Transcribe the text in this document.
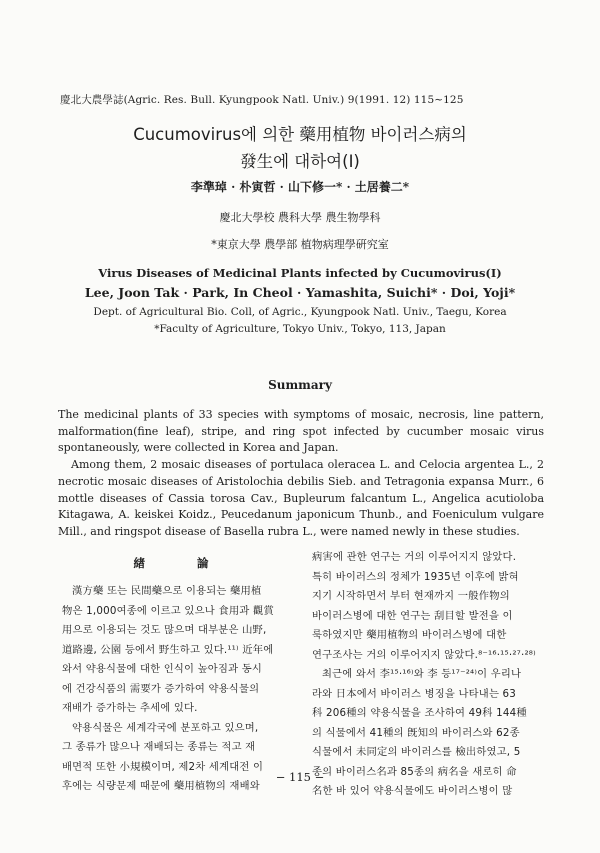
慶北大農學誌(Agric. Res. Bull. Kyungpook Natl. Univ.) 9(1991. 12) 115∼125
Cucumovirus에 의한 藥用植物 바이러스病의
發生에 대하여(I)
李準琸 · 朴寅哲 · 山下修一* · 土居養二*
慶北大學校 農科大學 農生物學科
*東京大學 農學部 植物病理學硏究室
Virus Diseases of Medicinal Plants infected by Cucumovirus(I)
Lee, Joon Tak · Park, In Cheol · Yamashita, Suichi* · Doi, Yoji*
Dept. of Agricultural Bio. Coll, of Agric., Kyungpook Natl. Univ., Taegu, Korea
*Faculty of Agriculture, Tokyo Univ., Tokyo, 113, Japan
Summary

The medicinal plants of 33 species with symptoms of mosaic, necrosis, line pattern, malformation(fine leaf), stripe, and ring spot infected by cucumber mosaic virus spontaneously, were collected in Korea and Japan.

Among them, 2 mosaic diseases of portulaca oleracea L. and Celocia argentea L., 2 necrotic mosaic diseases of Aristolochia debilis Sieb. and Tetragonia expansa Murr., 6 mottle diseases of Cassia torosa Cav., Bupleurum falcantum L., Angelica acutioloba Kitagawa, A. keiskei Koidz., Peucedanum japonicum Thunb., and Foeniculum vulgare Mill., and ringspot disease of Basella rubra L., were named newly in these studies.

緖 論
漢方藥 또는 民間藥으로 이용되는 藥用植
物은 1,000여종에 이르고 있으나 食用과 觀賞
用으로 이용되는 것도 많으며 대부분은 山野,
道路邊, 公園 등에서 野生하고 있다.¹¹⁾ 近年에
와서 약용식물에 대한 인식이 높아짐과 동시
에 건강식품의 需要가 증가하여 약용식물의
재배가 증가하는 추세에 있다.
약용식물은 세계각국에 분포하고 있으며,
그 종류가 많으나 재배되는 종류는 적고 재
배면적 또한 小規模이며, 제2차 세계대전 이
후에는 식량문제 때문에 藥用植物의 재배와
病害에 관한 연구는 거의 이루어지지 않았다.
특히 바이러스의 정체가 1935년 이후에 밝혀
지기 시작하면서 부터 현재까지 一般作物의
바이러스병에 대한 연구는 刮目할 발전을 이
룩하였지만 藥用植物의 바이러스병에 대한
연구조사는 거의 이루어지지 않았다.⁸⁻¹⁶·¹⁵·²⁷·²⁸⁾
최근에 와서 李¹⁵·¹⁶⁾와 李 등¹⁷⁻²⁴⁾이 우리나
라와 日本에서 바이러스 병징을 나타내는 63
科 206種의 약용식물을 조사하여 49科 144種
의 식물에서 41種의 旣知의 바이러스와 62종
식물에서 未同定의 바이러스를 檢出하였고, 5
종의 바이러스名과 85종의 病名을 새로히 命
名한 바 있어 약용식물에도 바이러스병이 많
− 115 −
